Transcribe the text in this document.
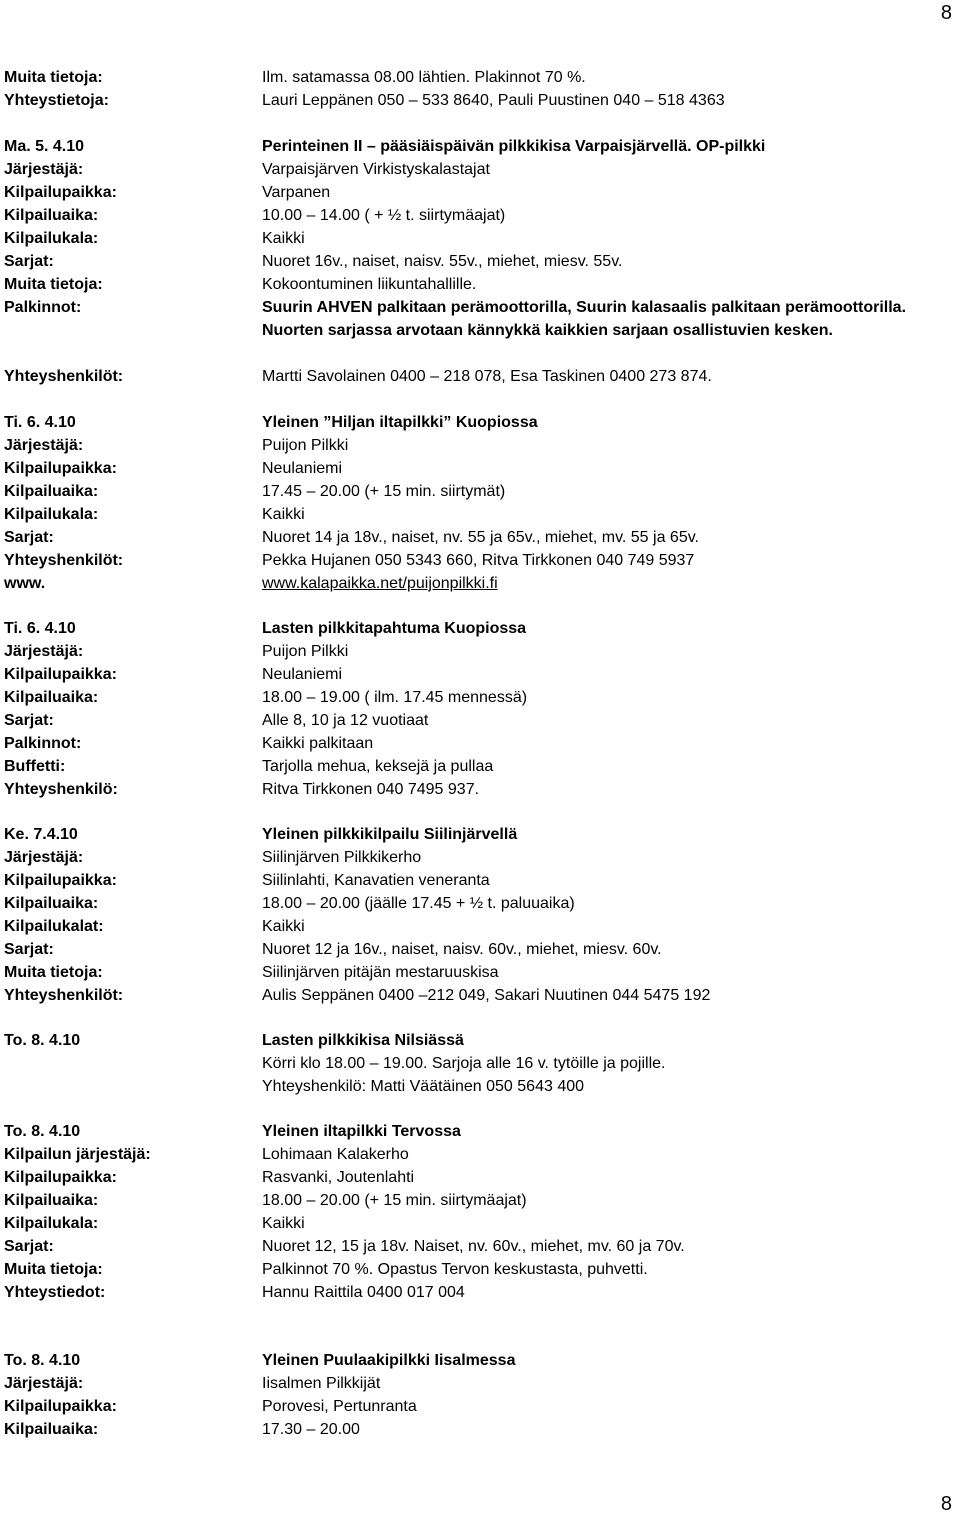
8
Muita tietoja:	Ilm. satamassa 08.00 lähtien. Plakinnot 70 %.
Yhteystietoja:	Lauri Leppänen 050 – 533 8640, Pauli Puustinen 040 – 518 4363
Ma. 5. 4.10	Perinteinen II – pääsiäispäivän pilkkikisa Varpaisjärvellä. OP-pilkki
Järjestäjä:	Varpaisjärven Virkistyskalastajat
Kilpailupaikka:	Varpanen
Kilpailuaika:	10.00 – 14.00 ( + ½ t. siirtymäajat)
Kilpailukala:	Kaikki
Sarjat:	Nuoret 16v., naiset, naisv. 55v., miehet, miesv. 55v.
Muita tietoja:	Kokoontuminen liikuntahallille.
Palkinnot:	Suurin AHVEN palkitaan perämoottorilla, Suurin kalasaalis palkitaan perämoottorilla. Nuorten sarjassa arvotaan kännykkä kaikkien sarjaan osallistuvien kesken.
Yhteyshenkilöt:	Martti Savolainen 0400 – 218 078, Esa Taskinen 0400 273 874.
Ti. 6. 4.10	Yleinen ”Hiljan iltapilkki” Kuopiossa
Järjestäjä:	Puijon Pilkki
Kilpailupaikka:	Neulaniemi
Kilpailuaika:	17.45 – 20.00 (+ 15 min. siirtymät)
Kilpailukala:	Kaikki
Sarjat:	Nuoret 14 ja 18v., naiset, nv. 55 ja 65v., miehet, mv. 55 ja 65v.
Yhteyshenkilöt:	Pekka Hujanen 050 5343 660, Ritva Tirkkonen 040 749 5937
www.	www.kalapaikka.net/puijonpilkki.fi
Ti. 6. 4.10	Lasten pilkkitapahtuma Kuopiossa
Järjestäjä:	Puijon Pilkki
Kilpailupaikka:	Neulaniemi
Kilpailuaika:	18.00 – 19.00 ( ilm. 17.45 mennessä)
Sarjat:	Alle 8, 10 ja 12 vuotiaat
Palkinnot:	Kaikki palkitaan
Buffetti:	Tarjolla mehua, keksejä ja pullaa
Yhteyshenkilö:	Ritva Tirkkonen 040 7495 937.
Ke. 7.4.10	Yleinen pilkkikilpailu Siilinjärvellä
Järjestäjä:	Siilinjärven Pilkkikerho
Kilpailupaikka:	Siilinlahti, Kanavatien veneranta
Kilpailuaika:	18.00 – 20.00 (jäälle 17.45 + ½ t. paluuaika)
Kilpailukalat:	Kaikki
Sarjat:	Nuoret 12 ja 16v., naiset, naisv. 60v., miehet, miesv. 60v.
Muita tietoja:	Siilinjärven pitäjän mestaruuskisa
Yhteyshenkilöt:	Aulis Seppänen 0400 –212 049, Sakari Nuutinen 044 5475 192
To. 8. 4.10	Lasten pilkkikisa Nilsiässä
Körri klo 18.00 – 19.00. Sarjoja alle 16 v. tytöille ja pojille.
Yhteyshenkilö: Matti Väätäinen 050 5643 400
To. 8. 4.10	Yleinen iltapilkki Tervossa
Kilpailun järjestäjä:	Lohimaan Kalakerho
Kilpailupaikka:	Rasvanki, Joutenlahti
Kilpailuaika:	18.00 – 20.00 (+ 15 min. siirtymäajat)
Kilpailukala:	Kaikki
Sarjat:	Nuoret 12, 15 ja 18v. Naiset, nv. 60v., miehet, mv. 60 ja 70v.
Muita tietoja:	Palkinnot 70 %. Opastus Tervon keskustasta, puhvetti.
Yhteystiedot:	Hannu Raittila 0400 017 004
To. 8. 4.10	Yleinen Puulaakipilkki Iisalmessa
Järjestäjä:	Iisalmen Pilkkijät
Kilpailupaikka:	Porovesi, Pertunranta
Kilpailuaika:	17.30 – 20.00
8
